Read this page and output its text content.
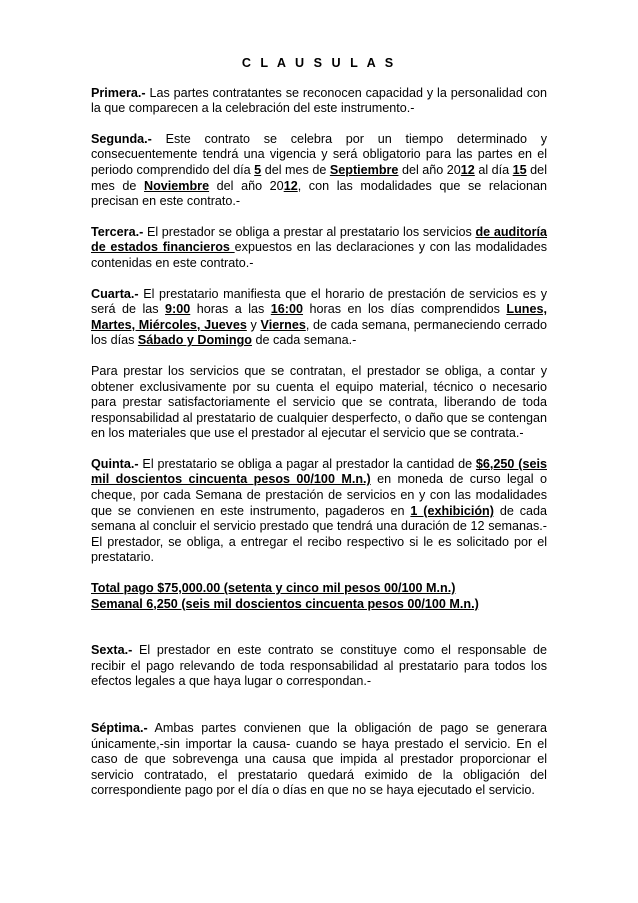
C L A U S U L A S

Primera.- Las partes contratantes se reconocen capacidad y la personalidad con la que comparecen a la celebración del este instrumento.-

Segunda.- Este contrato se celebra por un tiempo determinado y consecuentemente tendrá una vigencia y será obligatorio para las partes en el periodo comprendido del día 5 del mes de Septiembre del año 2012 al día 15 del mes de Noviembre del año 2012, con las modalidades que se relacionan precisan en este contrato.-

Tercera.- El prestador se obliga a prestar al prestatario los servicios de auditoría de estados financieros expuestos en las declaraciones y con las modalidades contenidas en este contrato.-

Cuarta.- El prestatario manifiesta que el horario de prestación de servicios es y será de las 9:00 horas a las 16:00 horas en los días comprendidos Lunes, Martes, Miércoles, Jueves y Viernes, de cada semana, permaneciendo cerrado los días Sábado y Domingo de cada semana.-

Para prestar los servicios que se contratan, el prestador se obliga, a contar y obtener exclusivamente por su cuenta el equipo material, técnico o necesario para prestar satisfactoriamente el servicio que se contrata, liberando de toda responsabilidad al prestatario de cualquier desperfecto, o daño que se contengan en los materiales que use el prestador al ejecutar el servicio que se contrata.-

Quinta.- El prestatario se obliga a pagar al prestador la cantidad de $6,250 (seis mil doscientos cincuenta pesos 00/100 M.n.) en moneda de curso legal o cheque, por cada Semana de prestación de servicios en y con las modalidades que se convienen en este instrumento, pagaderos en 1 (exhibición) de cada semana al concluir el servicio prestado que tendrá una duración de 12 semanas.- El prestador, se obliga, a entregar el recibo respectivo si le es solicitado por el prestatario.

Total pago $75,000.00 (setenta y cinco mil pesos 00/100 M.n.)
Semanal 6,250 (seis mil doscientos cincuenta pesos 00/100 M.n.)

Sexta.- El prestador en este contrato se constituye como el responsable de recibir el pago relevando de toda responsabilidad al prestatario para todos los efectos legales a que haya lugar o correspondan.-

Séptima.- Ambas partes convienen que la obligación de pago se generara únicamente,-sin importar la causa- cuando se haya prestado el servicio. En el caso de que sobrevenga una causa que impida al prestador proporcionar el servicio contratado, el prestatario quedará eximido de la obligación del correspondiente pago por el día o días en que no se haya ejecutado el servicio.
